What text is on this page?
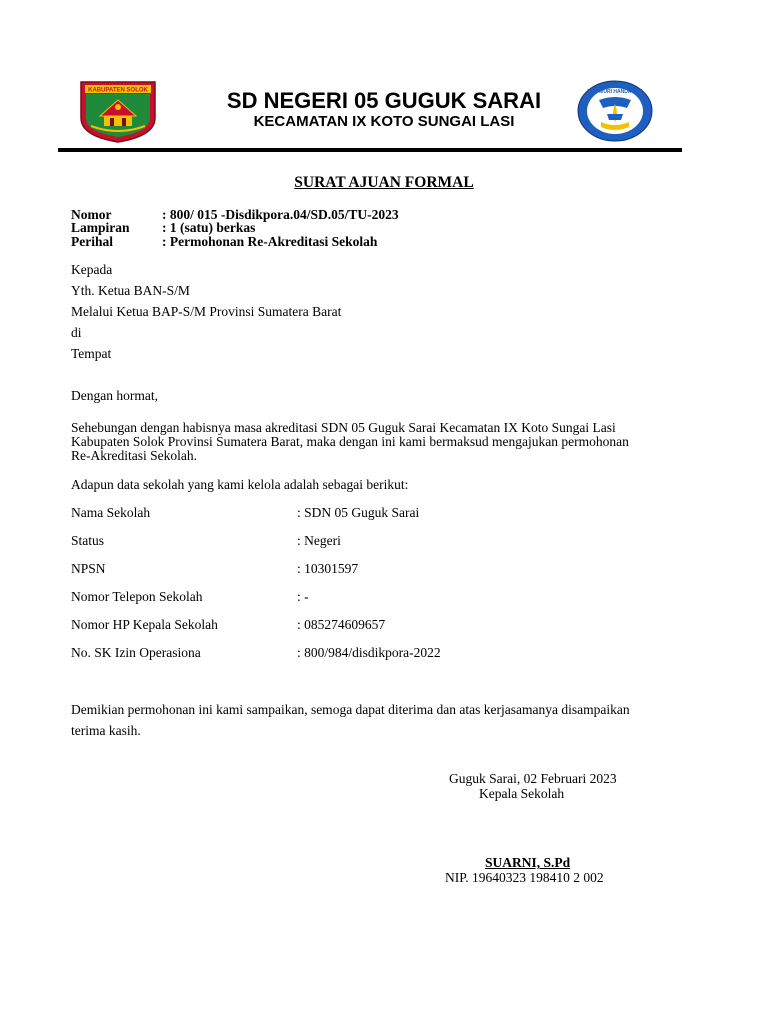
KABUPATEN SOLOK	TUT WURI HANDAYANI
SD NEGERI 05 GUGUK SARAI
KECAMATAN IX KOTO SUNGAI LASI
SURAT AJUAN FORMAL
Nomor	: 800/ 015 -Disdikpora.04/SD.05/TU-2023
Lampiran : 1 (satu) berkas
Perihal	: Permohonan Re-Akreditasi Sekolah
Kepada
Yth. Ketua BAN-S/M
Melalui Ketua BAP-S/M Provinsi Sumatera Barat
di
Tempat
Dengan hormat,
Sehebungan dengan habisnya masa akreditasi SDN 05 Guguk Sarai Kecamatan IX Koto Sungai Lasi
Kabupaten Solok Provinsi Sumatera Barat, maka dengan ini kami bermaksud mengajukan permohonan
Re-Akreditasi Sekolah.
Adapun data sekolah yang kami kelola adalah sebagai berikut:
Nama Sekolah	: SDN 05 Guguk Sarai
Status	: Negeri
NPSN	: 10301597
Nomor Telepon Sekolah	: -
Nomor HP Kepala Sekolah	: 085274609657
No. SK Izin Operasiona	: 800/984/disdikpora-2022
Demikian permohonan ini kami sampaikan, semoga dapat diterima dan atas kerjasamanya disampaikan
terima kasih.
Guguk Sarai, 02 Februari 2023
Kepala Sekolah
SUARNI, S.Pd
NIP. 19640323 198410 2 002
